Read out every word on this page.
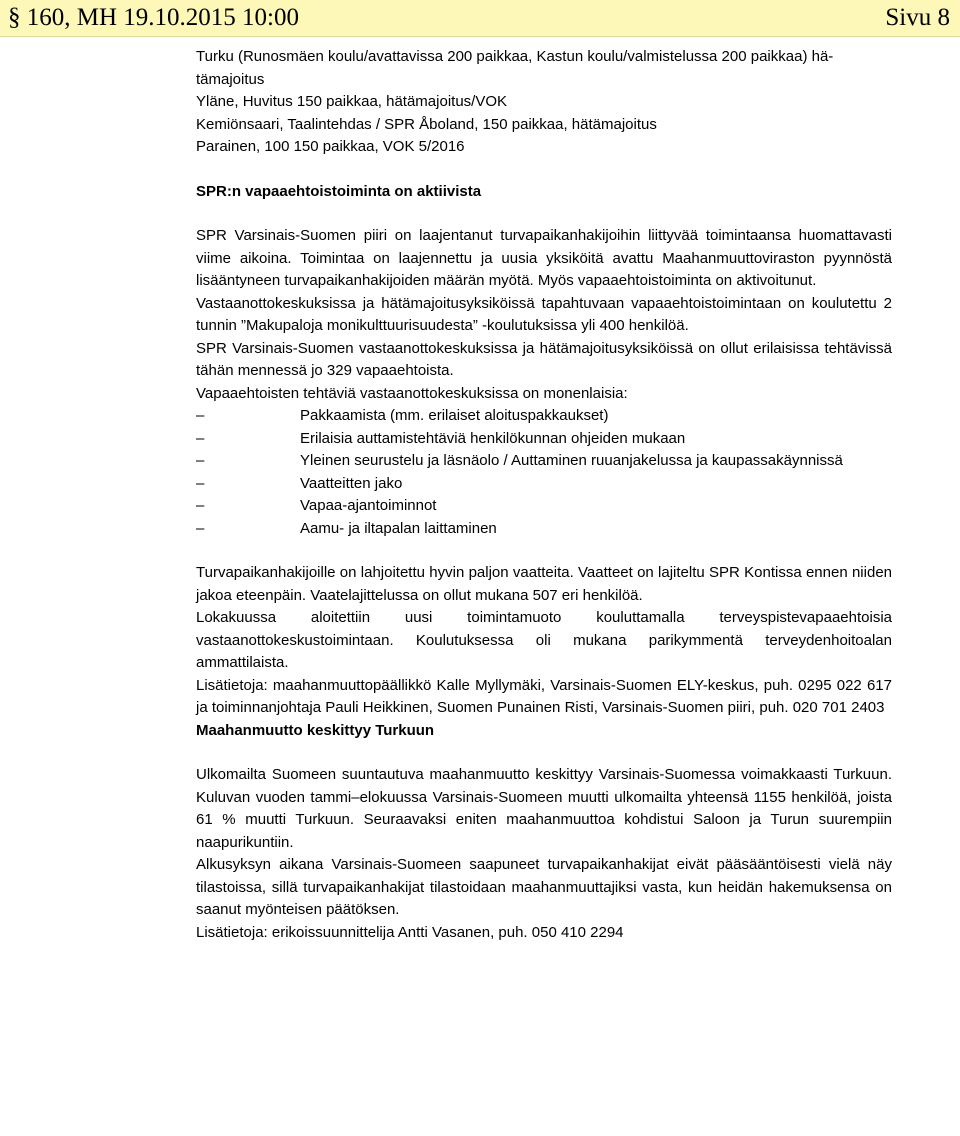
§ 160, MH 19.10.2015 10:00	Sivu 8
Turku (Runosmäen koulu/avattavissa 200 paikkaa, Kastun koulu/valmistelussa 200 paikkaa) hä-
tämajoitus
Yläne, Huvitus 150 paikkaa, hätämajoitus/VOK
Kemiönsaari, Taalintehdas / SPR Åboland, 150 paikkaa, hätämajoitus
Parainen, 100 150 paikkaa, VOK 5/2016
SPR:n vapaaehtoistoiminta on aktiivista

SPR Varsinais-Suomen piiri on laajentanut turvapaikanhakijoihin liittyvää toimintaansa huomattavasti viime aikoina. Toimintaa on laajennettu ja uusia yksiköitä avattu Maahanmuuttoviraston pyynnöstä lisääntyneen turvapaikanhakijoiden määrän myötä. Myös vapaaehtoistoiminta on aktivoitunut.

Vastaanottokeskuksissa ja hätämajoitusyksiköissä tapahtuvaan vapaaehtoistoimintaan on koulutettu 2 tunnin ”Makupaloja monikulttuurisuudesta” -koulutuksissa yli 400 henkilöä.

SPR Varsinais-Suomen vastaanottokeskuksissa ja hätämajoitusyksiköissä on ollut erilaisissa tehtävissä tähän mennessä jo 329 vapaaehtoista.

Vapaaehtoisten tehtäviä vastaanottokeskuksissa on monenlaisia:
–	Pakkaamista (mm. erilaiset aloituspakkaukset)
–	Erilaisia auttamistehtäviä henkilökunnan ohjeiden mukaan
–	Yleinen seurustelu ja läsnäolo / Auttaminen ruuanjakelussa ja kaupassakäynnissä
–	Vaatteitten jako
–	Vapaa-ajantoiminnot
–	Aamu- ja iltapalan laittaminen

Turvapaikanhakijoille on lahjoitettu hyvin paljon vaatteita. Vaatteet on lajiteltu SPR Kontissa ennen niiden jakoa eteenpäin. Vaatelajittelussa on ollut mukana 507 eri henkilöä.

Lokakuussa aloitettiin uusi toimintamuoto kouluttamalla terveyspistevapaaehtoisia vastaanottokeskustoimintaan. Koulutuksessa oli mukana parikymmentä terveydenhoitoalan ammattilaista.

Lisätietoja: maahanmuuttopäällikkö Kalle Myllymäki, Varsinais-Suomen ELY-keskus, puh. 0295 022 617 ja toiminnanjohtaja Pauli Heikkinen, Suomen Punainen Risti, Varsinais-Suomen piiri, puh. 020 701 2403

Maahanmuutto keskittyy Turkuun

Ulkomailta Suomeen suuntautuva maahanmuutto keskittyy Varsinais-Suomessa voimakkaasti Turkuun. Kuluvan vuoden tammi–elokuussa Varsinais-Suomeen muutti ulkomailta yhteensä 1155 henkilöä, joista 61 % muutti Turkuun. Seuraavaksi eniten maahanmuuttoa kohdistui Saloon ja Turun suurempiin naapurikuntiin.

Alkusyksyn aikana Varsinais-Suomeen saapuneet turvapaikanhakijat eivät pääsääntöisesti vielä näy tilastoissa, sillä turvapaikanhakijat tilastoidaan maahanmuuttajiksi vasta, kun heidän hakemuksensa on saanut myönteisen päätöksen.

Lisätietoja: erikoissuunnittelija Antti Vasanen, puh. 050 410 2294
